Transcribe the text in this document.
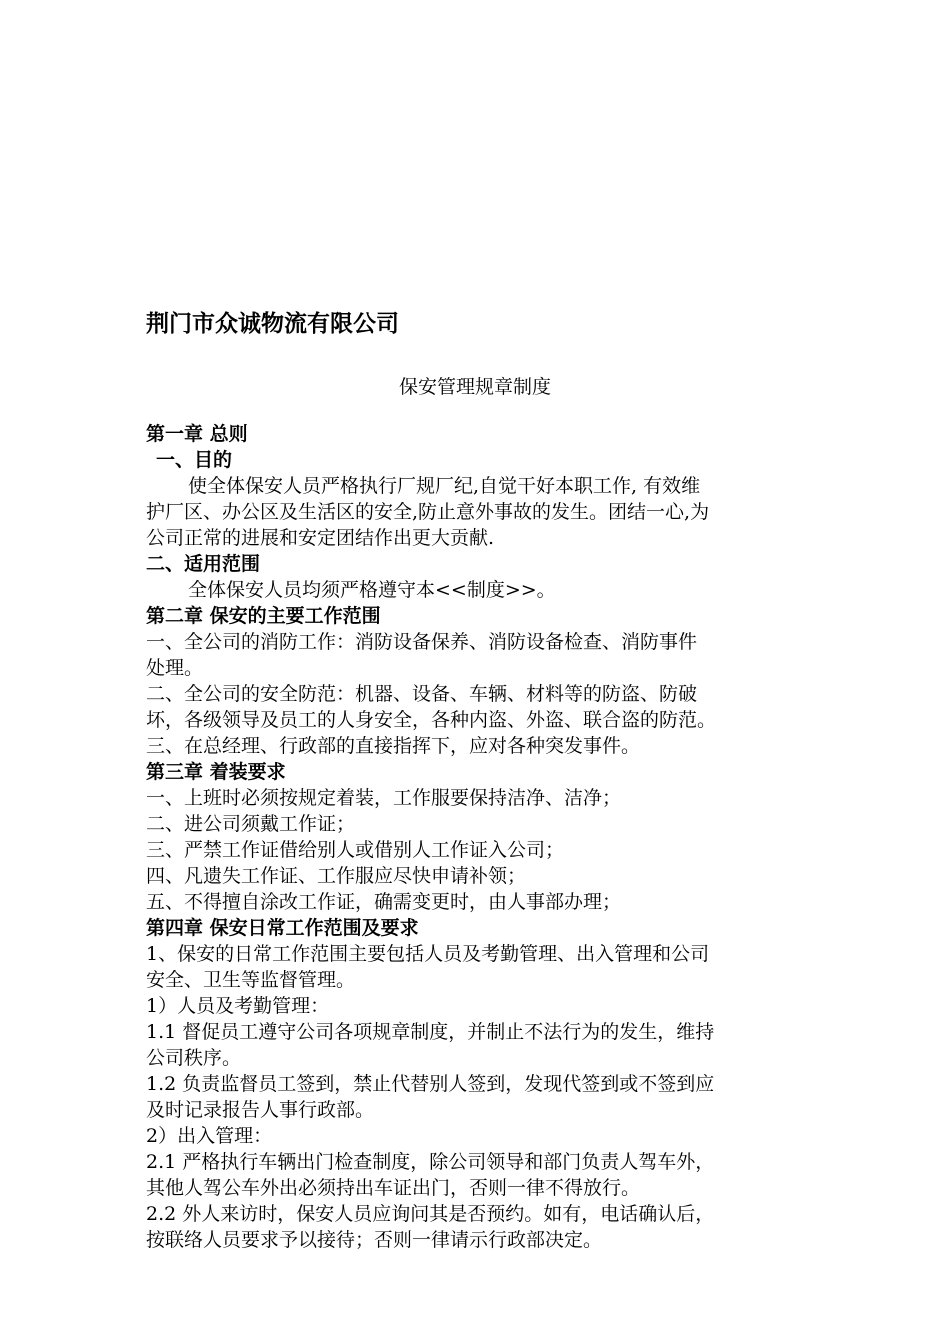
荆门市众诚物流有限公司
保安管理规章制度

第一章 总则

一、目的

使全体保安人员严格执行厂规厂纪,自觉干好本职工作, 有效维

护厂区、办公区及生活区的安全,防止意外事故的发生。团结一心,为

公司正常的进展和安定团结作出更大贡献.

二、适用范围

全体保安人员均须严格遵守本<<制度>>。

第二章 保安的主要工作范围

一、全公司的消防工作：消防设备保养、消防设备检查、消防事件

处理。

二、全公司的安全防范：机器、设备、车辆、材料等的防盗、防破

坏，各级领导及员工的人身安全，各种内盗、外盗、联合盗的防范。

三、在总经理、行政部的直接指挥下，应对各种突发事件。

第三章 着装要求

一、上班时必须按规定着装，工作服要保持洁净、洁净；

二、进公司须戴工作证；

三、严禁工作证借给别人或借别人工作证入公司；

四、凡遗失工作证、工作服应尽快申请补领；

五、不得擅自涂改工作证，确需变更时，由人事部办理；

第四章 保安日常工作范围及要求

1、保安的日常工作范围主要包括人员及考勤管理、出入管理和公司

安全、卫生等监督管理。

1）人员及考勤管理：

1.1 督促员工遵守公司各项规章制度，并制止不法行为的发生，维持

公司秩序。

1.2 负责监督员工签到，禁止代替别人签到，发现代签到或不签到应

及时记录报告人事行政部。

2）出入管理：

2.1 严格执行车辆出门检查制度，除公司领导和部门负责人驾车外，

其他人驾公车外出必须持出车证出门，否则一律不得放行。

2.2 外人来访时，保安人员应询问其是否预约。如有，电话确认后，

按联络人员要求予以接待；否则一律请示行政部决定。
